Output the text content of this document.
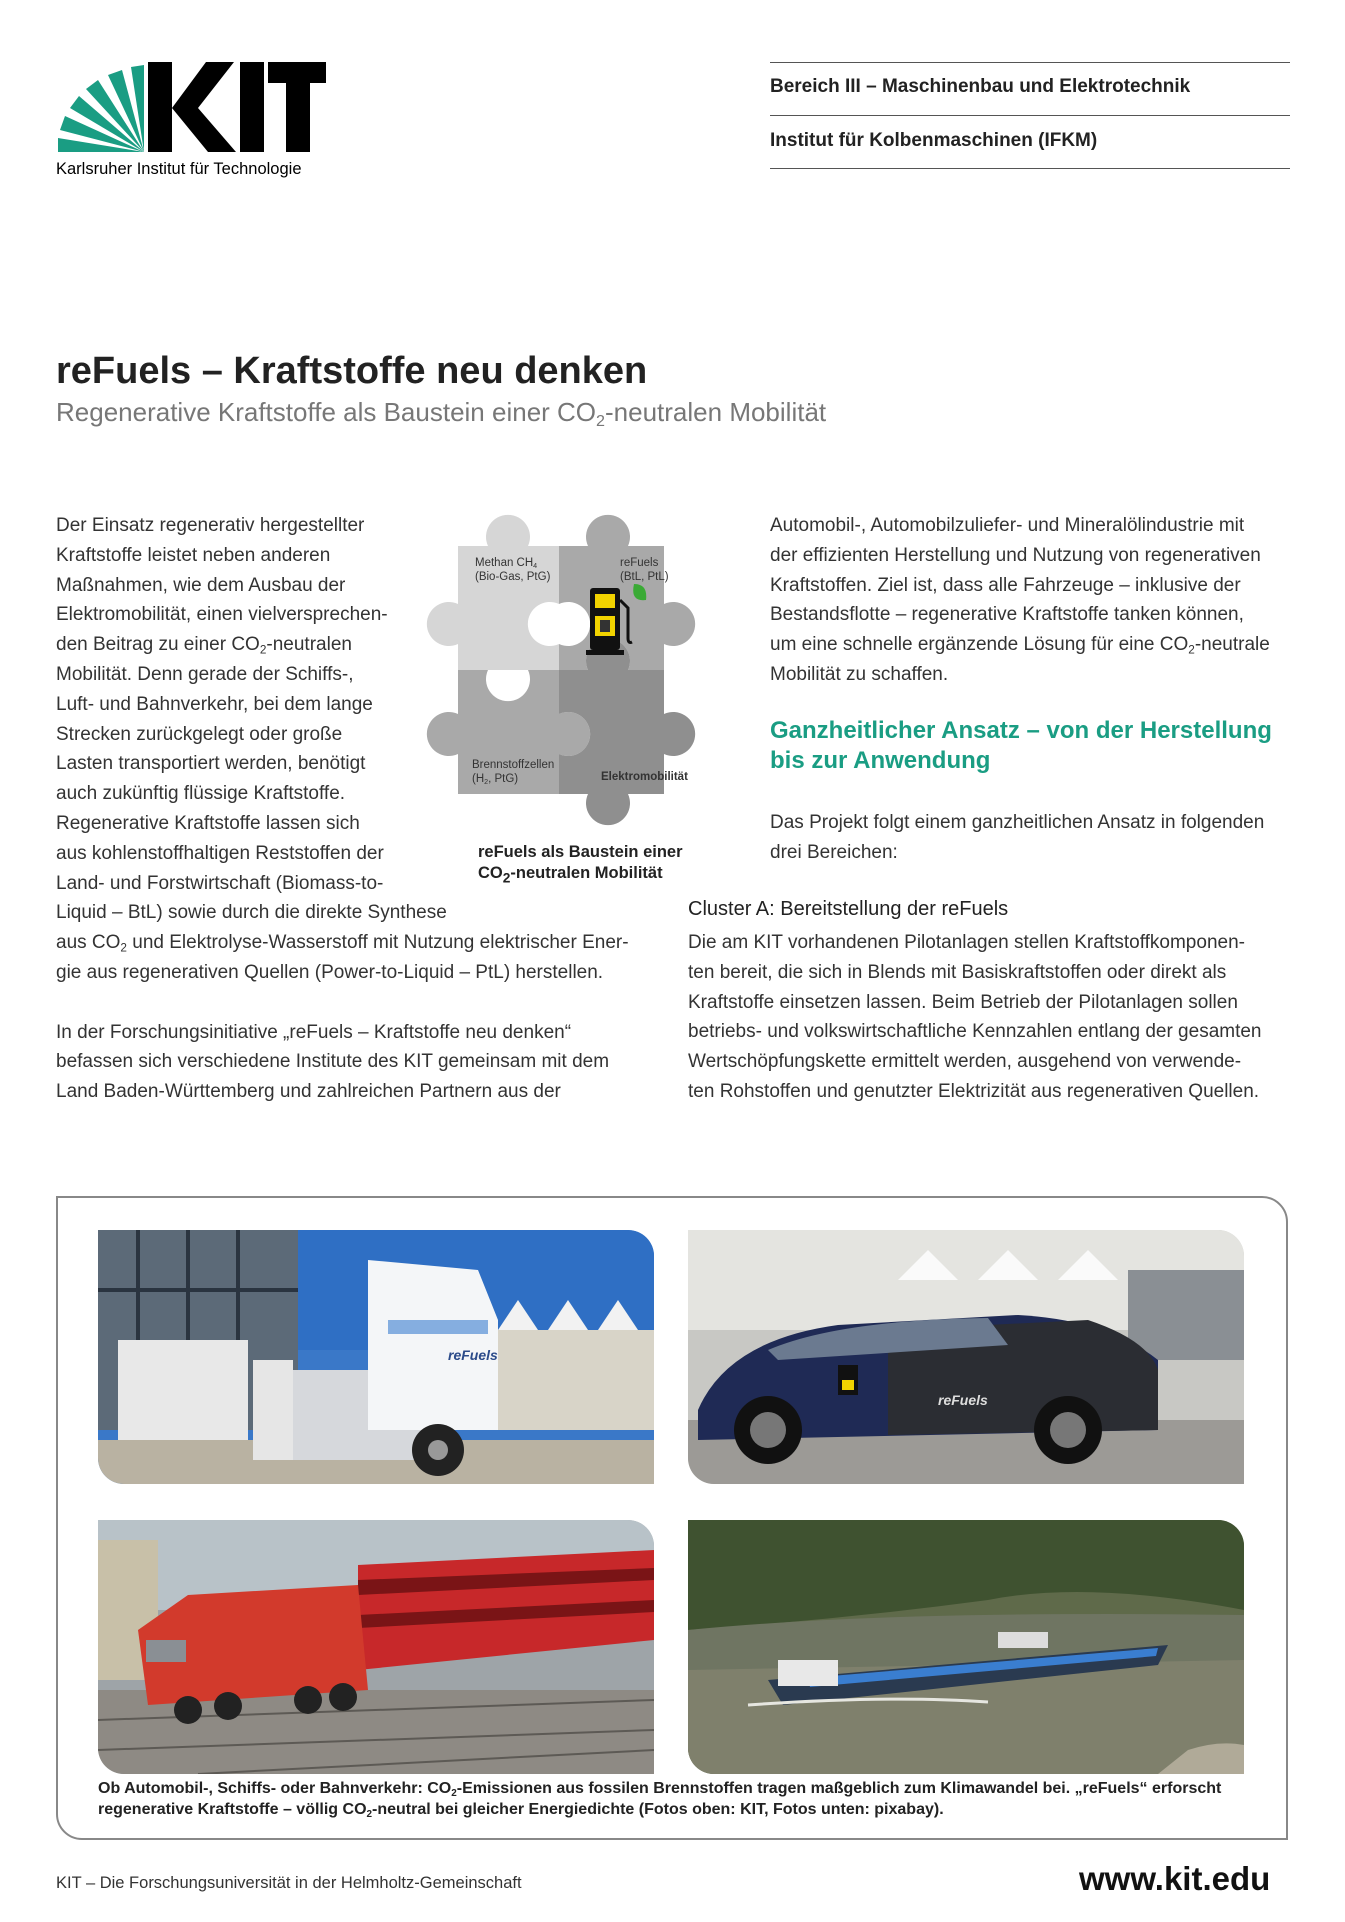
Karlsruher Institut für Technologie
Bereich III – Maschinenbau und Elektrotechnik
Institut für Kolbenmaschinen (IFKM)
reFuels – Kraftstoffe neu denken
Regenerative Kraftstoffe als Baustein einer $CO_2$-neutralen Mobilität

Der Einsatz regenerativ hergestellter

Kraftstoffe leistet neben anderen

Maßnahmen, wie dem Ausbau der

Elektromobilität, einen vielversprechen-

den Beitrag zu einer $CO_2$-neutralen

Mobilität. Denn gerade der Schiffs-,

Luft- und Bahnverkehr, bei dem lange

Strecken zurückgelegt oder große

Lasten transportiert werden, benötigt

auch zukünftig flüssige Kraftstoffe.

Regenerative Kraftstoffe lassen sich

aus kohlenstoffhaltigen Reststoffen der

Land- und Forstwirtschaft (Biomass-to-

Liquid – BtL) sowie durch die direkte Synthese

aus $CO_2$ und Elektrolyse-Wasserstoff mit Nutzung elektrischer Ener-

gie aus regenerativen Quellen (Power-to-Liquid – PtL) herstellen.

In der Forschungsinitiative „reFuels – Kraftstoffe neu denken“

befassen sich verschiedene Institute des KIT gemeinsam mit dem

Land Baden-Württemberg und zahlreichen Partnern aus der

Methan $CH_4$
(Bio-Gas, PtG)
reFuels
(BtL, PtL)
Brennstoffzellen
($H_2$, PtG)	Elektromobilität
reFuels als Baustein einer
$CO_2$-neutralen Mobilität

Automobil-, Automobilzuliefer- und Mineralölindustrie mit

der effizienten Herstellung und Nutzung von regenerativen

Kraftstoffen. Ziel ist, dass alle Fahrzeuge – inklusive der

Bestandsflotte – regenerative Kraftstoffe tanken können,

um eine schnelle ergänzende Lösung für eine $CO_2$-neutrale

Mobilität zu schaffen.

Ganzheitlicher Ansatz – von der Herstellung
bis zur Anwendung

Das Projekt folgt einem ganzheitlichen Ansatz in folgenden

drei Bereichen:

Cluster A: Bereitstellung der reFuels

Die am KIT vorhandenen Pilotanlagen stellen Kraftstoffkomponen-

ten bereit, die sich in Blends mit Basiskraftstoffen oder direkt als

Kraftstoffe einsetzen lassen. Beim Betrieb der Pilotanlagen sollen

betriebs- und volkswirtschaftliche Kennzahlen entlang der gesamten

Wertschöpfungskette ermittelt werden, ausgehend von verwende-

ten Rohstoffen und genutzter Elektrizität aus regenerativen Quellen.

reFuels
reFuels
Ob Automobil-, Schiffs- oder Bahnverkehr: $CO_2$-Emissionen aus fossilen Brennstoffen tragen maßgeblich zum Klimawandel bei. „reFuels“ erforscht
regenerative Kraftstoffe – völlig $CO_2$-neutral bei gleicher Energiedichte (Fotos oben: KIT, Fotos unten: pixabay).
KIT – Die Forschungsuniversität in der Helmholtz-Gemeinschaft	www.kit.edu
